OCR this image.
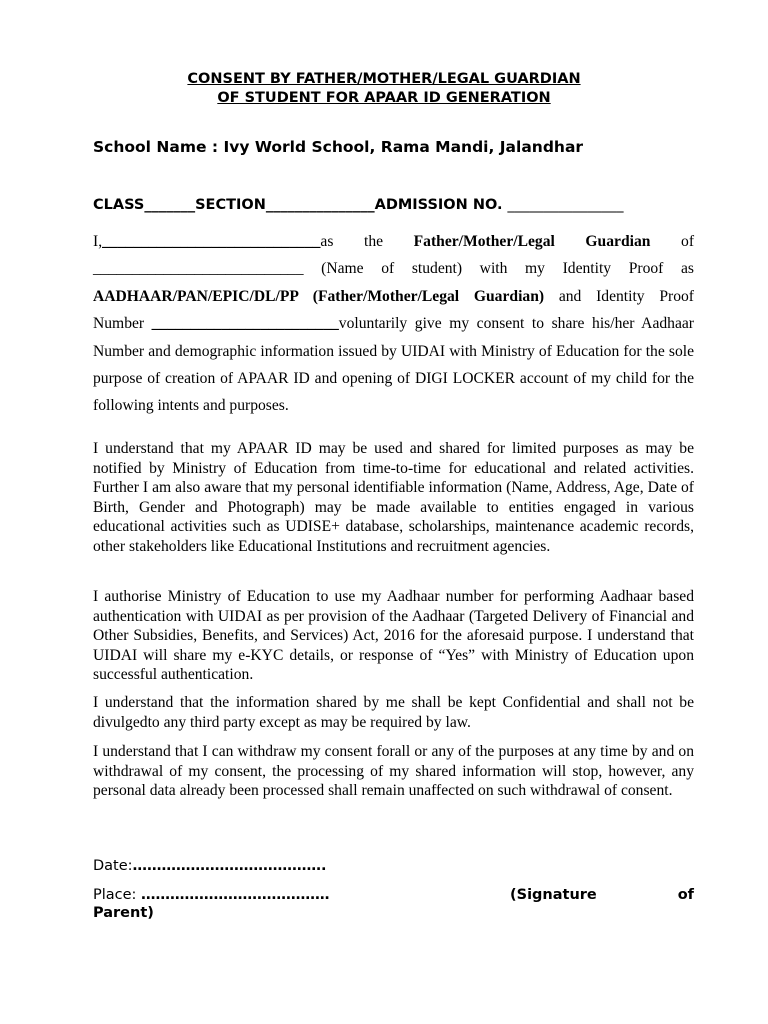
CONSENT BY FATHER/MOTHER/LEGAL GUARDIAN
OF STUDENT FOR APAAR ID GENERATION
School Name : Ivy World School, Rama Mandi, Jalandhar
CLASS_______SECTION_______________ADMISSION NO. ________________
I,____________________________as the Father/Mother/Legal Guardian of ___________________________ (Name of student) with my Identity Proof as AADHAAR/PAN/EPIC/DL/PP (Father/Mother/Legal Guardian) and Identity Proof Number ________________________voluntarily give my consent to share his/her Aadhaar Number and demographic information issued by UIDAI with Ministry of Education for the sole purpose of creation of APAAR ID and opening of DIGI LOCKER account of my child for the following intents and purposes.

I understand that my APAAR ID may be used and shared for limited purposes as may be notified by Ministry of Education from time-to-time for educational and related activities. Further I am also aware that my personal identifiable information (Name, Address, Age, Date of Birth, Gender and Photograph) may be made available to entities engaged in various educational activities such as UDISE+ database, scholarships, maintenance academic records, other stakeholders like Educational Institutions and recruitment agencies.

I authorise Ministry of Education to use my Aadhaar number for performing Aadhaar based authentication with UIDAI as per provision of the Aadhaar (Targeted Delivery of Financial and Other Subsidies, Benefits, and Services) Act, 2016 for the aforesaid purpose. I understand that UIDAI will share my e-KYC details, or response of “Yes” with Ministry of Education upon successful authentication.

I understand that the information shared by me shall be kept Confidential and shall not be divulgedto any third party except as may be required by law.

I understand that I can withdraw my consent forall or any of the purposes at any time by and on withdrawal of my consent, the processing of my shared information will stop, however, any personal data already been processed shall remain unaffected on such withdrawal of consent.

Date:………………………………….
Place: …………………………………	(Signature	of
Parent)
